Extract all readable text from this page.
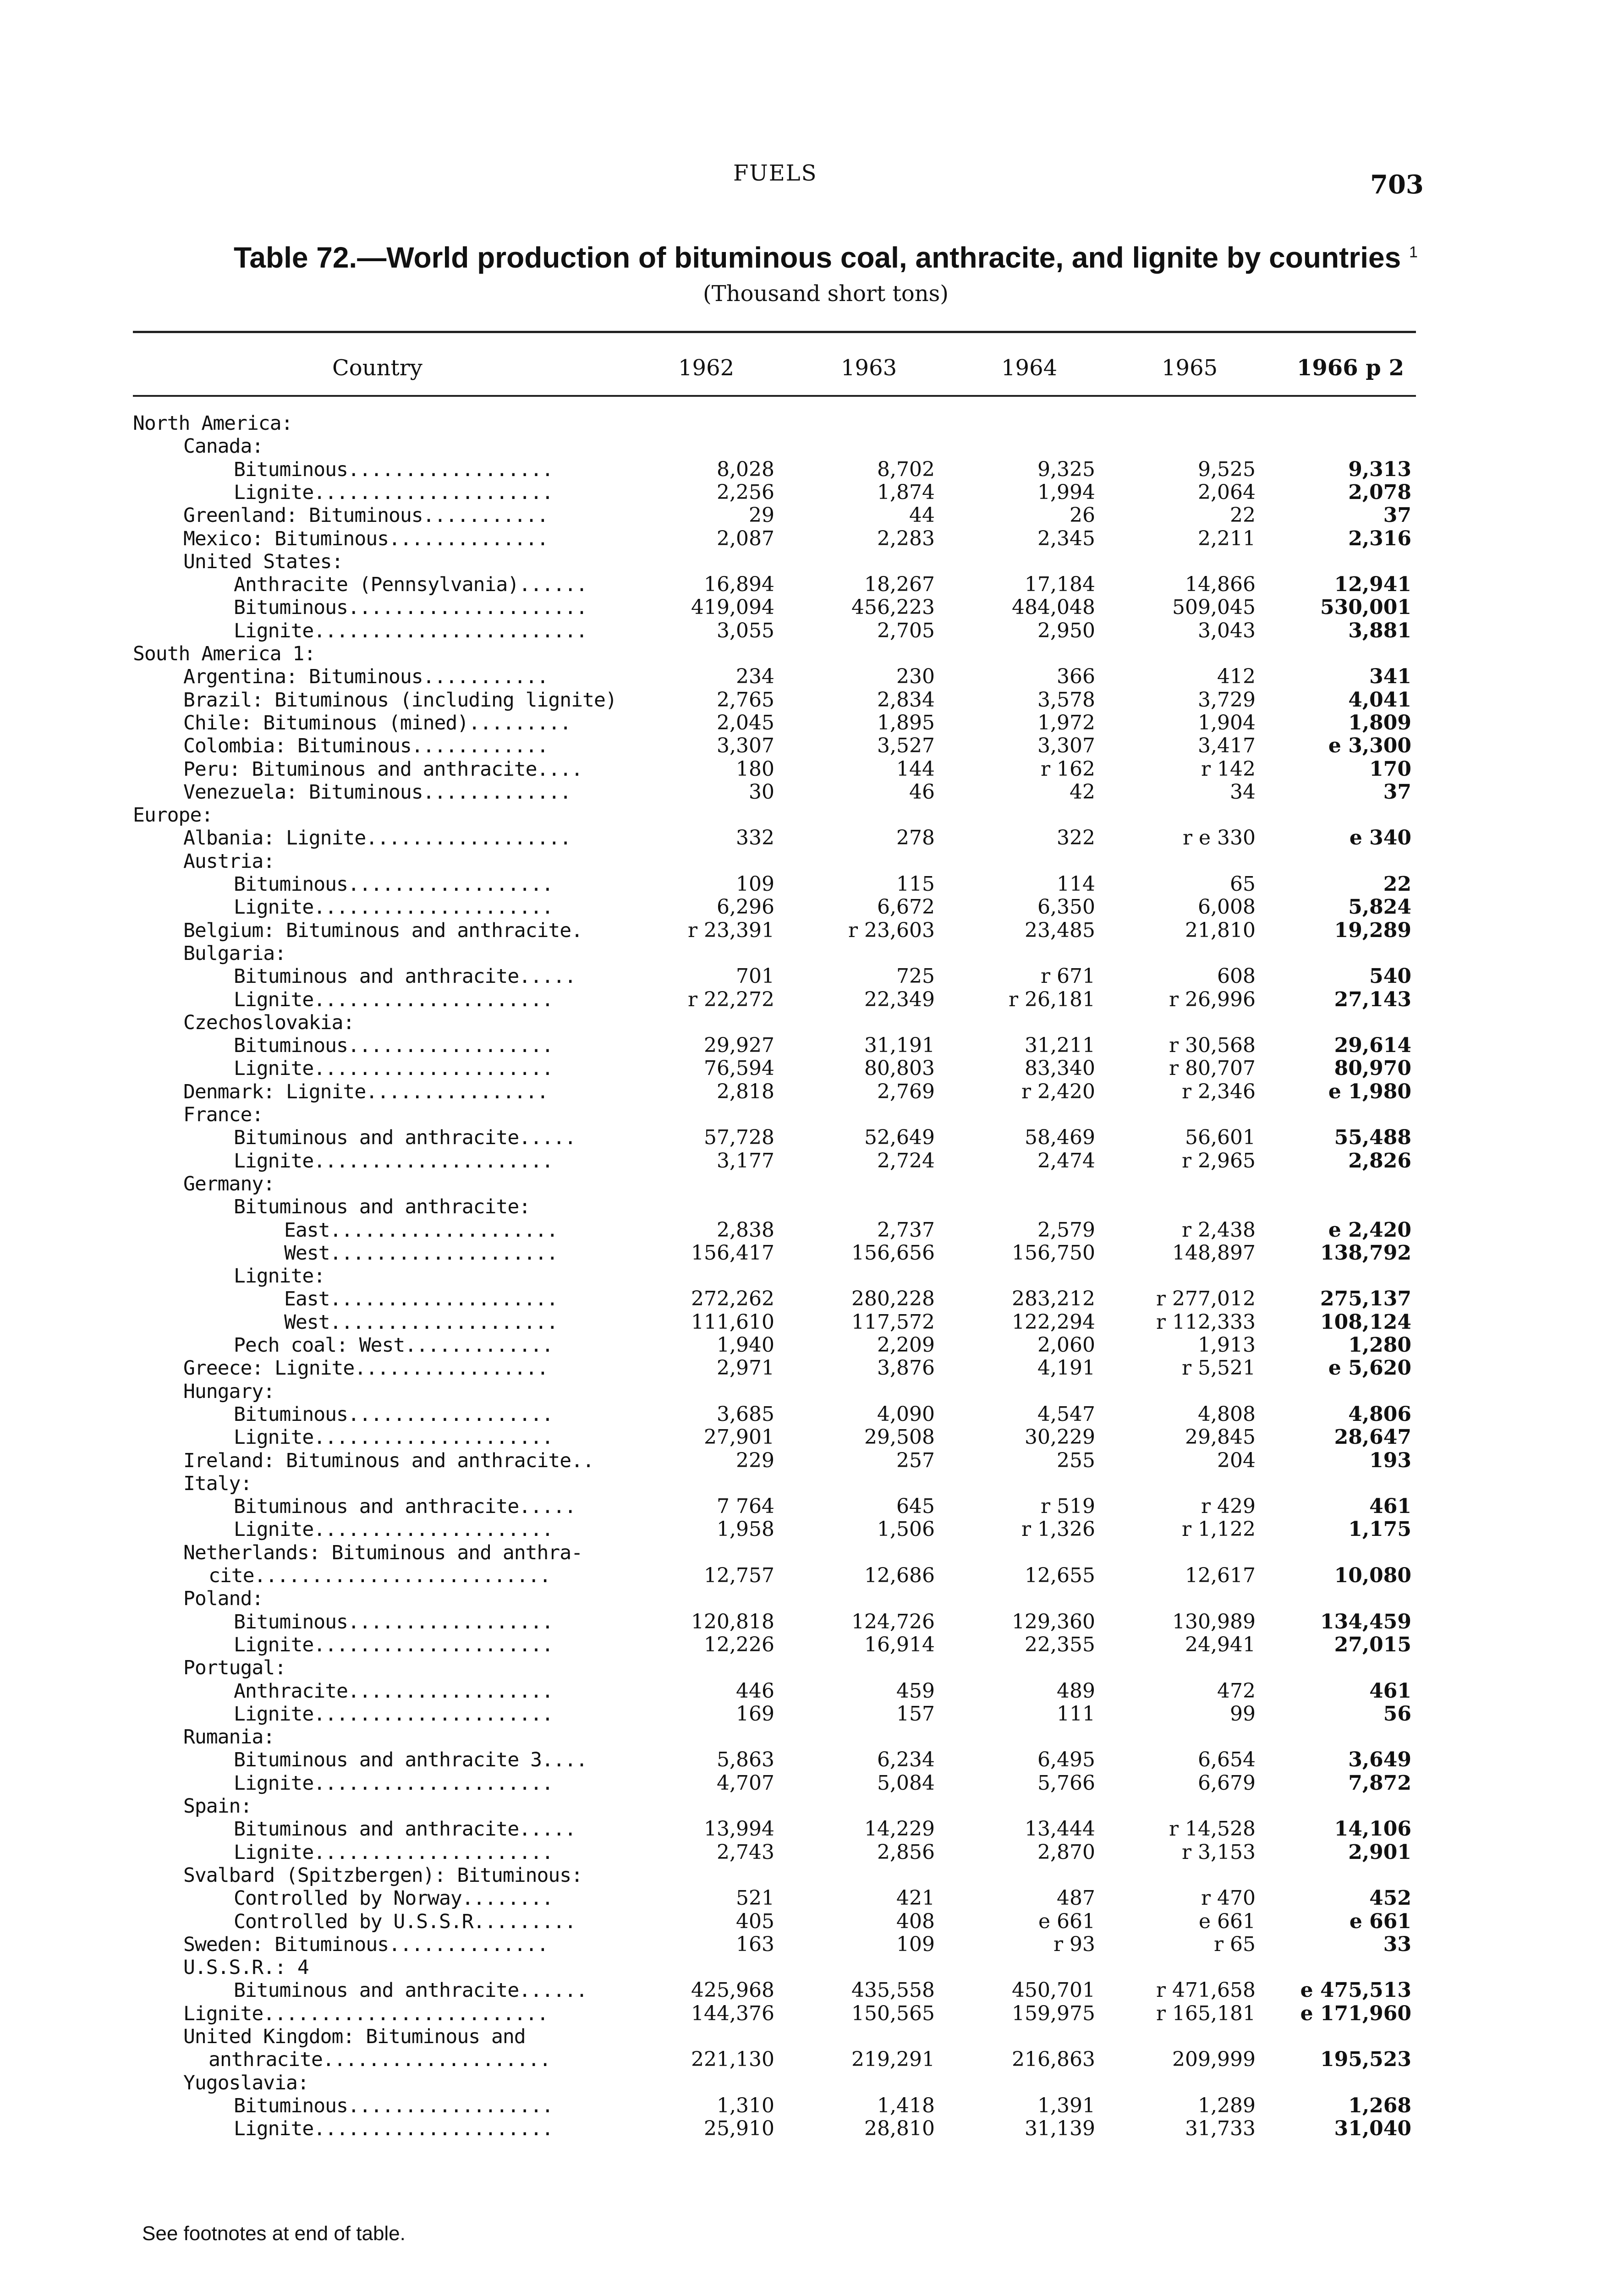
FUELS	703
Table 72.—World production of bituminous coal, anthracite, and lignite by countries $^1$
(Thousand short tons)
Country	1962	1963	1964	1965	1966 p 2
North America:
Canada:
Bituminous..................	8,028	8,702	9,325	9,525	9,313
Lignite.....................	2,256	1,874	1,994	2,064	2,078
Greenland: Bituminous...........	29	44	26	22	37
Mexico: Bituminous..............	2,087	2,283	2,345	2,211	2,316
United States:
Anthracite (Pennsylvania)......	16,894	18,267	17,184	14,866	12,941
Bituminous.....................	419,094	456,223	484,048	509,045	530,001
Lignite........................	3,055	2,705	2,950	3,043	3,881
South America 1:
Argentina: Bituminous...........	234	230	366	412	341
Brazil: Bituminous (including lignite)	2,765	2,834	3,578	3,729	4,041
Chile: Bituminous (mined).........	2,045	1,895	1,972	1,904	1,809
Colombia: Bituminous............	3,307	3,527	3,307	3,417	e 3,300
Peru: Bituminous and anthracite....	180	144	r 162	r 142	170
Venezuela: Bituminous.............	30	46	42	34	37
Europe:
Albania: Lignite..................	332	278	322	r e 330	e 340
Austria:
Bituminous..................	109	115	114	65	22
Lignite.....................	6,296	6,672	6,350	6,008	5,824
Belgium: Bituminous and anthracite.	r 23,391	r 23,603	23,485	21,810	19,289
Bulgaria:
Bituminous and anthracite.....	701	725	r 671	608	540
Lignite.....................	r 22,272	22,349	r 26,181	r 26,996	27,143
Czechoslovakia:
Bituminous..................	29,927	31,191	31,211	r 30,568	29,614
Lignite.....................	76,594	80,803	83,340	r 80,707	80,970
Denmark: Lignite................	2,818	2,769	r 2,420	r 2,346	e 1,980
France:
Bituminous and anthracite.....	57,728	52,649	58,469	56,601	55,488
Lignite.....................	3,177	2,724	2,474	r 2,965	2,826
Germany:
Bituminous and anthracite:
East....................	2,838	2,737	2,579	r 2,438	e 2,420
West....................	156,417	156,656	156,750	148,897	138,792
Lignite:
East....................	272,262	280,228	283,212	r 277,012	275,137
West....................	111,610	117,572	122,294	r 112,333	108,124
Pech coal: West.............	1,940	2,209	2,060	1,913	1,280
Greece: Lignite.................	2,971	3,876	4,191	r 5,521	e 5,620
Hungary:
Bituminous..................	3,685	4,090	4,547	4,808	4,806
Lignite.....................	27,901	29,508	30,229	29,845	28,647
Ireland: Bituminous and anthracite..	229	257	255	204	193
Italy:
Bituminous and anthracite.....	7 764	645	r 519	r 429	461
Lignite.....................	1,958	1,506	r 1,326	r 1,122	1,175
Netherlands: Bituminous and anthra-
cite..........................	12,757	12,686	12,655	12,617	10,080
Poland:
Bituminous..................	120,818	124,726	129,360	130,989	134,459
Lignite.....................	12,226	16,914	22,355	24,941	27,015
Portugal:
Anthracite..................	446	459	489	472	461
Lignite.....................	169	157	111	99	56
Rumania:
Bituminous and anthracite 3....	5,863	6,234	6,495	6,654	3,649
Lignite.....................	4,707	5,084	5,766	6,679	7,872
Spain:
Bituminous and anthracite.....	13,994	14,229	13,444	r 14,528	14,106
Lignite.....................	2,743	2,856	2,870	r 3,153	2,901
Svalbard (Spitzbergen): Bituminous:
Controlled by Norway........	521	421	487	r 470	452
Controlled by U.S.S.R.........	405	408	e 661	e 661	e 661
Sweden: Bituminous..............	163	109	r 93	r 65	33
U.S.S.R.: 4
Bituminous and anthracite......	425,968	435,558	450,701	r 471,658	e 475,513
Lignite.........................	144,376	150,565	159,975	r 165,181	e 171,960
United Kingdom: Bituminous and
anthracite....................	221,130	219,291	216,863	209,999	195,523
Yugoslavia:
Bituminous..................	1,310	1,418	1,391	1,289	1,268
Lignite.....................	25,910	28,810	31,139	31,733	31,040
See footnotes at end of table.
